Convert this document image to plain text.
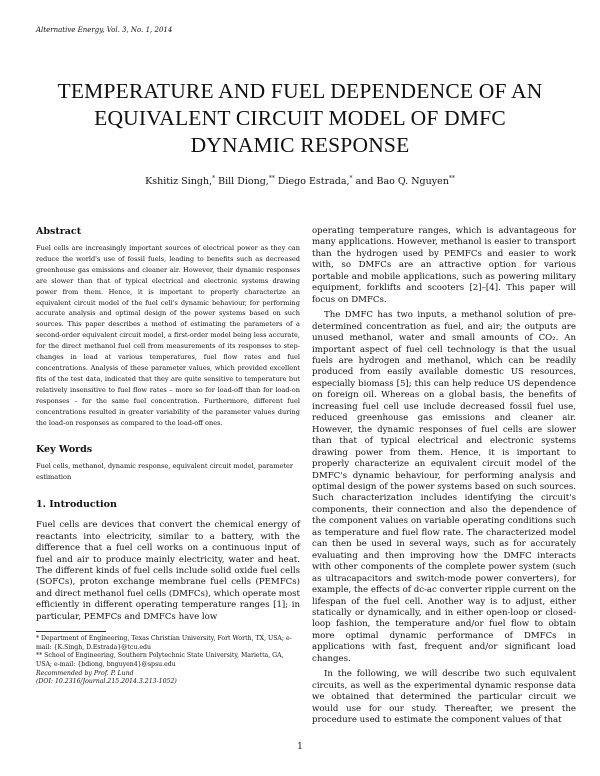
Alternative Energy, Vol. 3, No. 1, 2014
TEMPERATURE AND FUEL DEPENDENCE OF AN EQUIVALENT CIRCUIT MODEL OF DMFC DYNAMIC RESPONSE
Kshitiz Singh,* Bill Diong,** Diego Estrada,* and Bao Q. Nguyen**

Abstract

Fuel cells are increasingly important sources of electrical power as they can reduce the world's use of fossil fuels, leading to benefits such as decreased greenhouse gas emissions and cleaner air. However, their dynamic responses are slower than that of typical electrical and electronic systems drawing power from them. Hence, it is important to properly characterize an equivalent circuit model of the fuel cell's dynamic behaviour, for performing accurate analysis and optimal design of the power systems based on such sources. This paper describes a method of estimating the parameters of a second-order equivalent circuit model, a first-order model being less accurate, for the direct methanol fuel cell from measurements of its responses to step-changes in load at various temperatures, fuel flow rates and fuel concentrations. Analysis of these parameter values, which provided excellent fits of the test data, indicated that they are quite sensitive to temperature but relatively insensitive to fuel flow rates – more so for load-off than for load-on responses – for the same fuel concentration. Furthermore, different fuel concentrations resulted in greater variability of the parameter values during the load-on responses as compared to the load-off ones.

Key Words

Fuel cells, methanol, dynamic response, equivalent circuit model, parameter estimation

1. Introduction

Fuel cells are devices that convert the chemical energy of reactants into electricity, similar to a battery, with the difference that a fuel cell works on a continuous input of fuel and air to produce mainly electricity, water and heat. The different kinds of fuel cells include solid oxide fuel cells (SOFCs), proton exchange membrane fuel cells (PEMFCs) and direct methanol fuel cells (DMFCs), which operate most efficiently in different operating temperature ranges [1]; in particular, PEMFCs and DMFCs have low

* Department of Engineering, Texas Christian University, Fort Worth, TX, USA; e-mail: {K.Singh, D.Estrada}@tcu.edu

** School of Engineering, Southern Polytechnic State University, Marietta, GA, USA; e-mail: {bdiong, bnguyen4}@spsu.edu

Recommended by Prof. P. Lund

(DOI: 10.2316/Journal.215.2014.3.213-1052)

operating temperature ranges, which is advantageous for many applications. However, methanol is easier to transport than the hydrogen used by PEMFCs and easier to work with, so DMFCs are an attractive option for various portable and mobile applications, such as powering military equipment, forklifts and scooters [2]–[4]. This paper will focus on DMFCs.

The DMFC has two inputs, a methanol solution of pre-determined concentration as fuel, and air; the outputs are unused methanol, water and small amounts of CO₂. An important aspect of fuel cell technology is that the usual fuels are hydrogen and methanol, which can be readily produced from easily available domestic US resources, especially biomass [5]; this can help reduce US dependence on foreign oil. Whereas on a global basis, the benefits of increasing fuel cell use include decreased fossil fuel use, reduced greenhouse gas emissions and cleaner air. However, the dynamic responses of fuel cells are slower than that of typical electrical and electronic systems drawing power from them. Hence, it is important to properly characterize an equivalent circuit model of the DMFC's dynamic behaviour, for performing analysis and optimal design of the power systems based on such sources. Such characterization includes identifying the circuit's components, their connection and also the dependence of the component values on variable operating conditions such as temperature and fuel flow rate. The characterized model can then be used in several ways, such as for accurately evaluating and then improving how the DMFC interacts with other components of the complete power system (such as ultracapacitors and switch-mode power converters), for example, the effects of dc-ac converter ripple current on the lifespan of the fuel cell. Another way is to adjust, either statically or dynamically, and in either open-loop or closed-loop fashion, the temperature and/or fuel flow to obtain more optimal dynamic performance of DMFCs in applications with fast, frequent and/or significant load changes.

In the following, we will describe two such equivalent circuits, as well as the experimental dynamic response data we obtained that determined the particular circuit we would use for our study. Thereafter, we present the procedure used to estimate the component values of that

1
